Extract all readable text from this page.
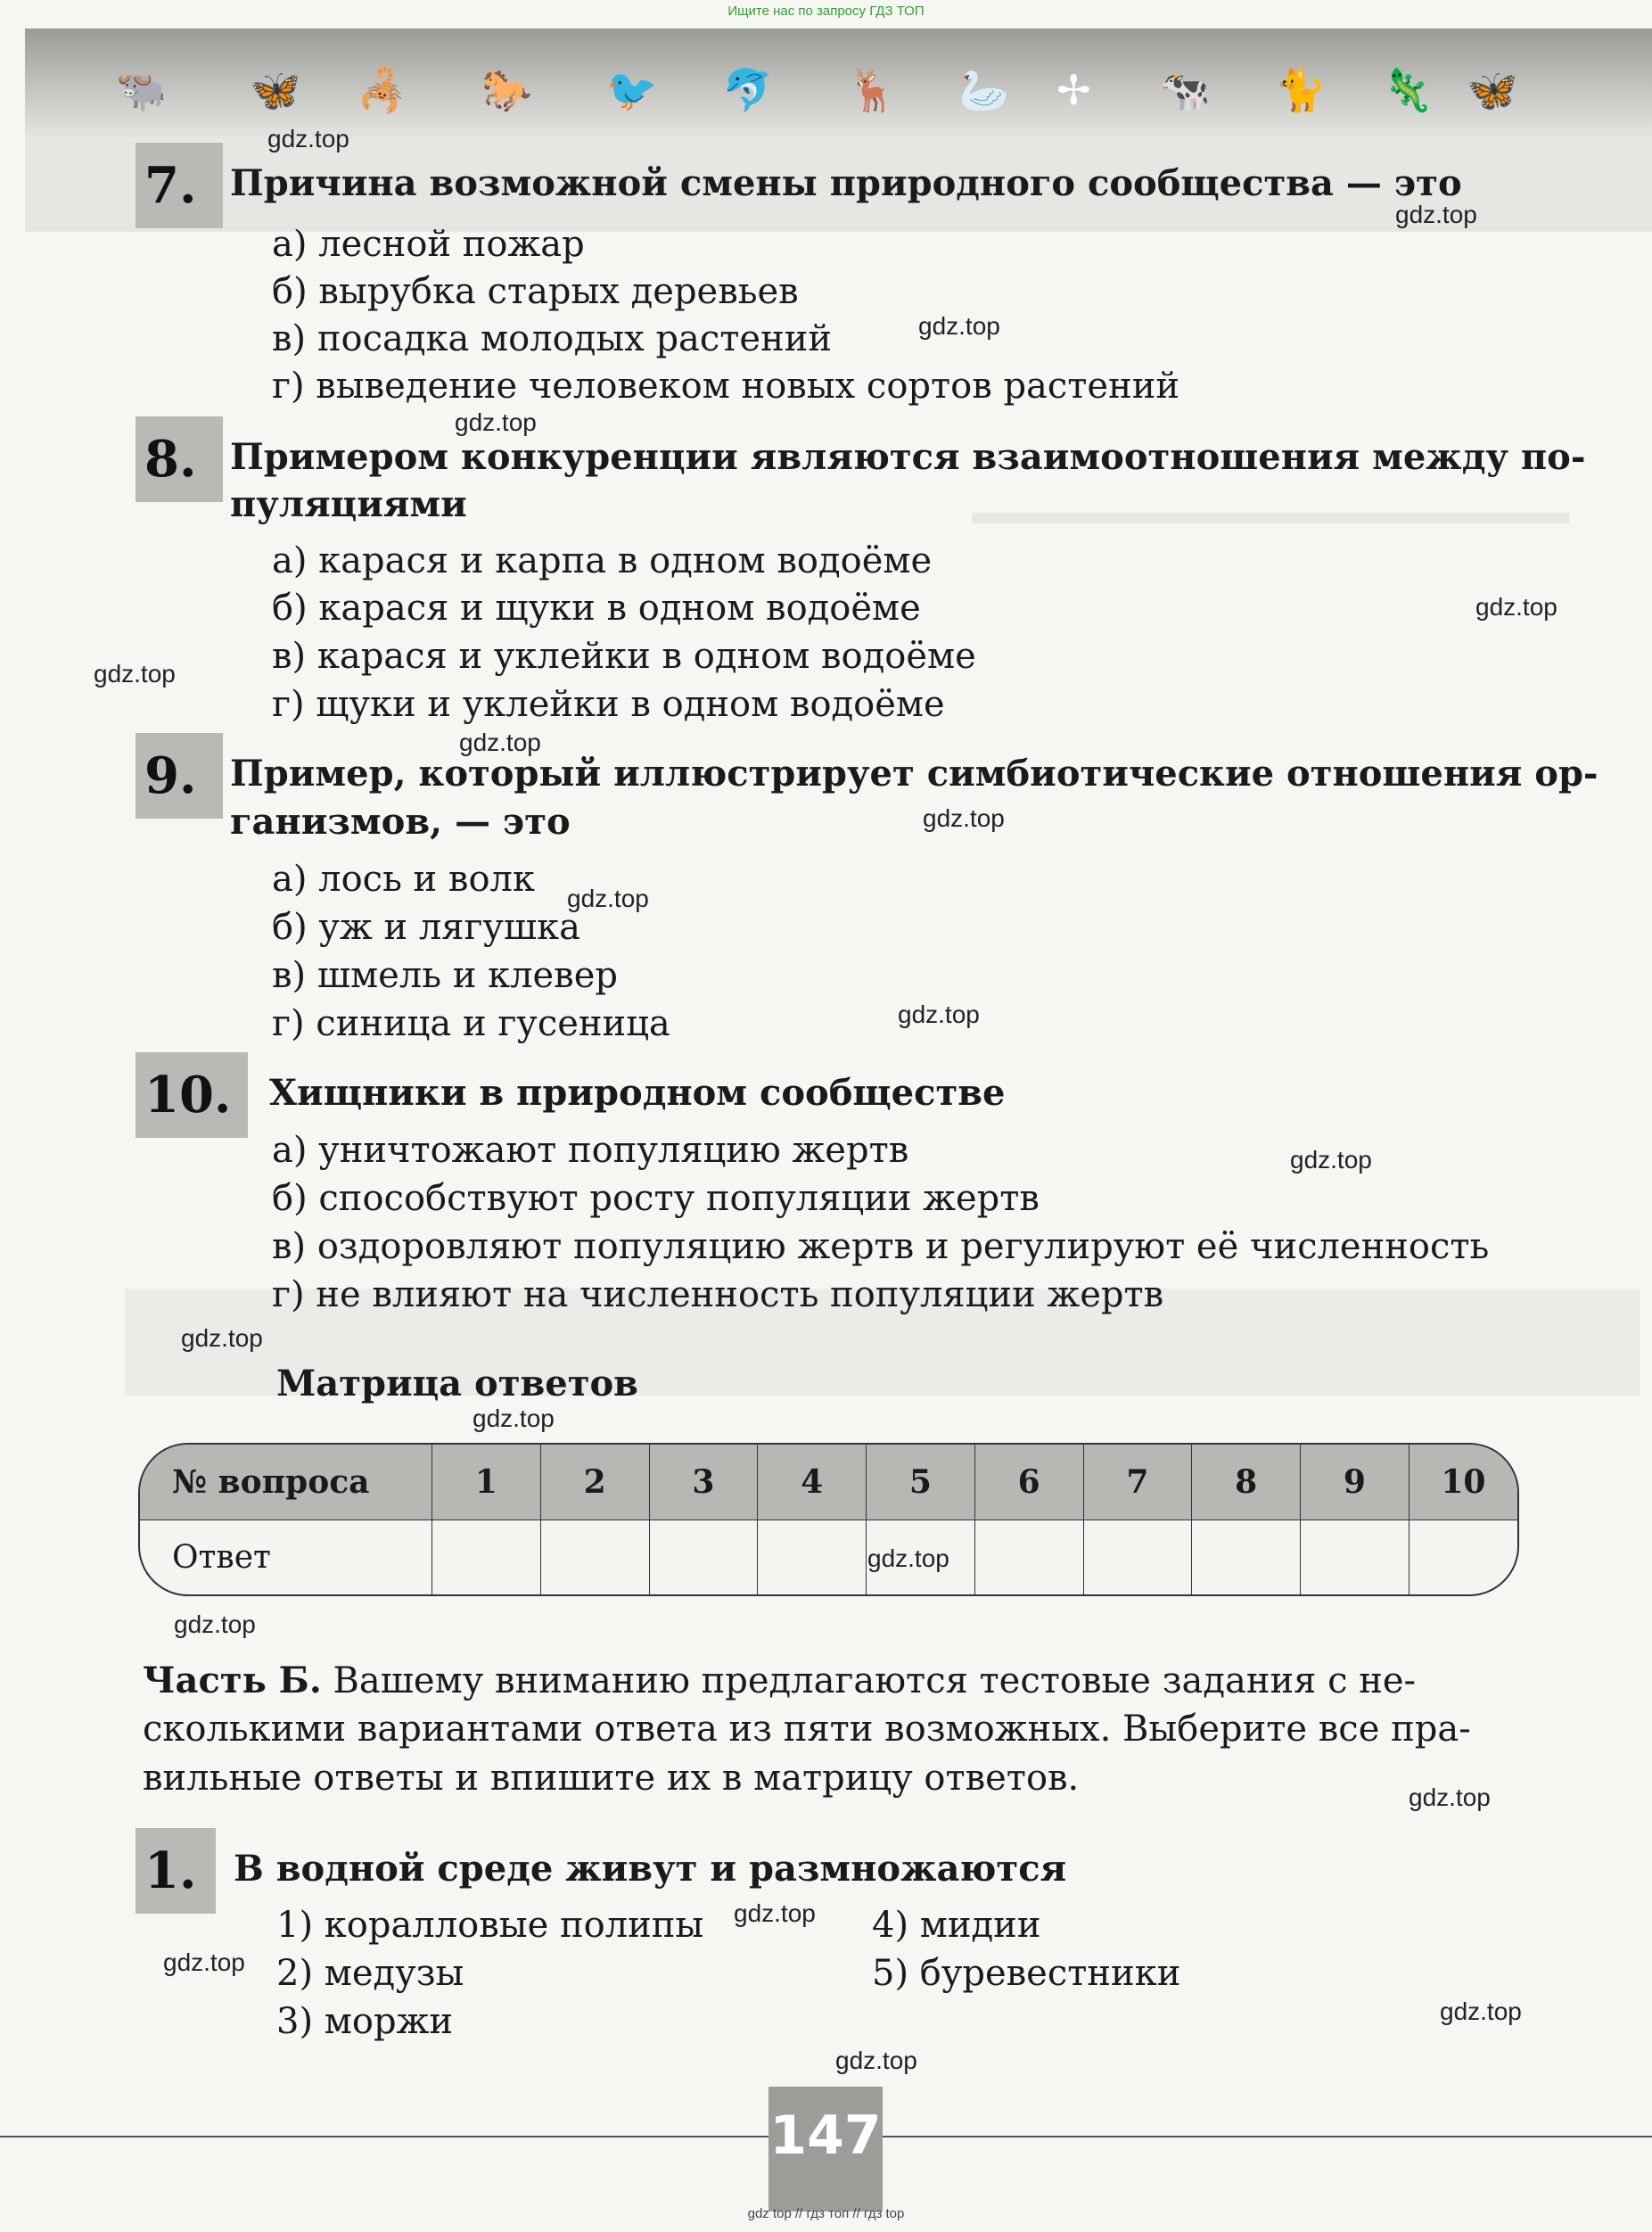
Ищите нас по запросу ГДЗ ТОП
🐃 🦋 🦂 🐎 🐦 🐬 🦌 🦢 ✢ 🐄 🐈 🦎 🦋
7. Причина возможной смены природного сообщества — это
а) лесной пожар
б) вырубка старых деревьев
в) посадка молодых растений
г) выведение человеком новых сортов растений
8. Примером конкуренции являются взаимоотношения между по-
пуляциями
а) карася и карпа в одном водоёме
б) карася и щуки в одном водоёме
в) карася и уклейки в одном водоёме
г) щуки и уклейки в одном водоёме
9. Пример, который иллюстрирует симбиотические отношения ор-
ганизмов, — это
а) лось и волк
б) уж и лягушка
в) шмель и клевер
г) синица и гусеница
10.	Хищники в природном сообществе
а) уничтожают популяцию жертв
б) способствуют росту популяции жертв
в) оздоровляют популяцию жертв и регулируют её численность
г) не влияют на численность популяции жертв
Матрица ответов
№ вопроса	1	2	3	4	5	6	7	8	9	10
Ответ										
Часть Б. Вашему вниманию предлагаются тестовые задания с не-
сколькими вариантами ответа из пяти возможных. Выберите все пра-
вильные ответы и впишите их в матрицу ответов.
1.	В водной среде живут и размножаются
1) коралловые полипы
2) медузы
3) моржи
4) мидии
5) буревестники
147
gdz.top
gdz.top
gdz.top
gdz.top
gdz.top
gdz.top
gdz.top
gdz.top
gdz.top
gdz.top
gdz.top
gdz.top
gdz.top
gdz.top
gdz.top
gdz.top
gdz.top
gdz.top
gdz.top
gdz.top
gdz top // гдз топ // гдз top
